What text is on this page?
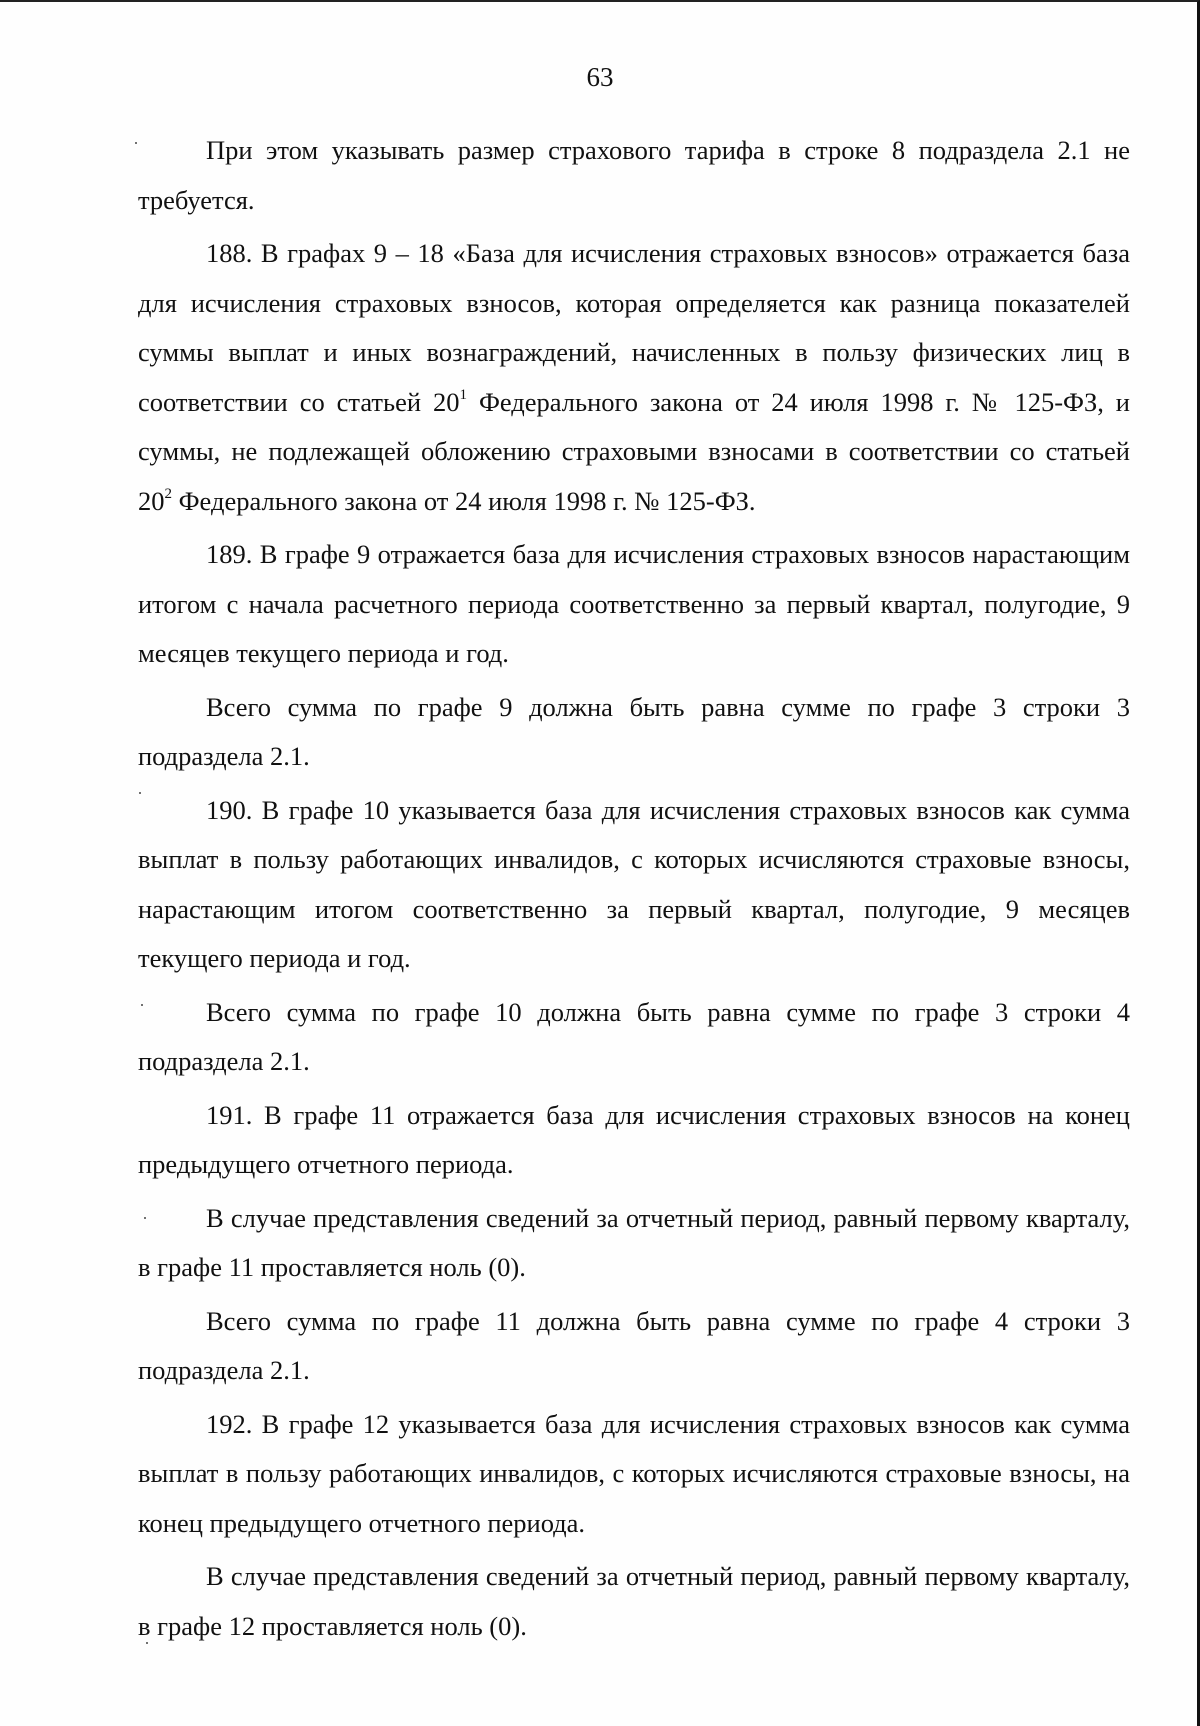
63

При этом указывать размер страхового тарифа в строке 8 подраздела 2.1 не требуется.

188. В графах 9 – 18 «База для исчисления страховых взносов» отражается база для исчисления страховых взносов, которая определяется как разница показателей суммы выплат и иных вознаграждений, начисленных в пользу физических лиц в соответствии со статьей $20^1$ Федерального закона от 24 июля 1998 г. № 125-ФЗ, и суммы, не подлежащей обложению страховыми взносами в соответствии со статьей $20^2$ Федерального закона от 24 июля 1998 г. № 125-ФЗ.

189. В графе 9 отражается база для исчисления страховых взносов нарастающим итогом с начала расчетного периода соответственно за первый квартал, полугодие, 9 месяцев текущего периода и год.

Всего сумма по графе 9 должна быть равна сумме по графе 3 строки 3 подраздела 2.1.

190. В графе 10 указывается база для исчисления страховых взносов как сумма выплат в пользу работающих инвалидов, с которых исчисляются страховые взносы, нарастающим итогом соответственно за первый квартал, полугодие, 9 месяцев текущего периода и год.

Всего сумма по графе 10 должна быть равна сумме по графе 3 строки 4 подраздела 2.1.

191. В графе 11 отражается база для исчисления страховых взносов на конец предыдущего отчетного периода.

В случае представления сведений за отчетный период, равный первому кварталу, в графе 11 проставляется ноль (0).

Всего сумма по графе 11 должна быть равна сумме по графе 4 строки 3 подраздела 2.1.

192. В графе 12 указывается база для исчисления страховых взносов как сумма выплат в пользу работающих инвалидов, с которых исчисляются страховые взносы, на конец предыдущего отчетного периода.

В случае представления сведений за отчетный период, равный первому кварталу, в графе 12 проставляется ноль (0).
